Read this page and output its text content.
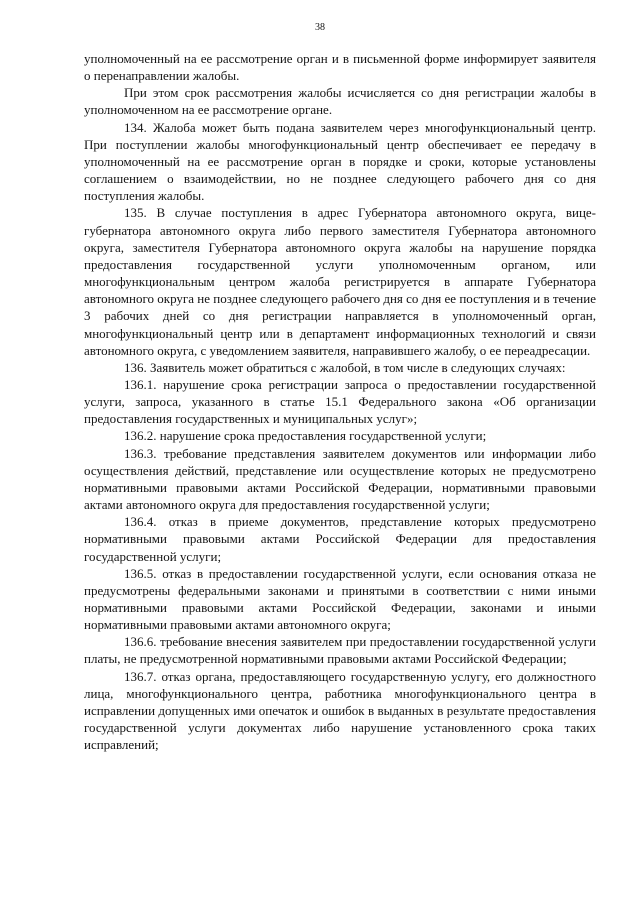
38

уполномоченный на ее рассмотрение орган и в письменной форме информирует заявителя о перенаправлении жалобы.

При этом срок рассмотрения жалобы исчисляется со дня регистрации жалобы в уполномоченном на ее рассмотрение органе.

134. Жалоба может быть подана заявителем через многофункциональный центр. При поступлении жалобы многофункциональный центр обеспечивает ее передачу в уполномоченный на ее рассмотрение орган в порядке и сроки, которые установлены соглашением о взаимодействии, но не позднее следующего рабочего дня со дня поступления жалобы.

135. В случае поступления в адрес Губернатора автономного округа, вице-губернатора автономного округа либо первого заместителя Губернатора автономного округа, заместителя Губернатора автономного округа жалобы на нарушение порядка предоставления государственной услуги уполномоченным органом, или многофункциональным центром жалоба регистрируется в аппарате Губернатора автономного округа не позднее следующего рабочего дня со дня ее поступления и в течение 3 рабочих дней со дня регистрации направляется в уполномоченный орган, многофункциональный центр или в департамент информационных технологий и связи автономного округа, с уведомлением заявителя, направившего жалобу, о ее переадресации.

136. Заявитель может обратиться с жалобой, в том числе в следующих случаях:

136.1. нарушение срока регистрации запроса о предоставлении государственной услуги, запроса, указанного в статье 15.1 Федерального закона «Об организации предоставления государственных и муниципальных услуг»;

136.2. нарушение срока предоставления государственной услуги;

136.3. требование представления заявителем документов или информации либо осуществления действий, представление или осуществление которых не предусмотрено нормативными правовыми актами Российской Федерации, нормативными правовыми актами автономного округа для предоставления государственной услуги;

136.4. отказ в приеме документов, представление которых предусмотрено нормативными правовыми актами Российской Федерации для предоставления государственной услуги;

136.5. отказ в предоставлении государственной услуги, если основания отказа не предусмотрены федеральными законами и принятыми в соответствии с ними иными нормативными правовыми актами Российской Федерации, законами и иными нормативными правовыми актами автономного округа;

136.6. требование внесения заявителем при предоставлении государственной услуги платы, не предусмотренной нормативными правовыми актами Российской Федерации;

136.7. отказ органа, предоставляющего государственную услугу, его должностного лица, многофункционального центра, работника многофункционального центра в исправлении допущенных ими опечаток и ошибок в выданных в результате предоставления государственной услуги документах либо нарушение установленного срока таких исправлений;
